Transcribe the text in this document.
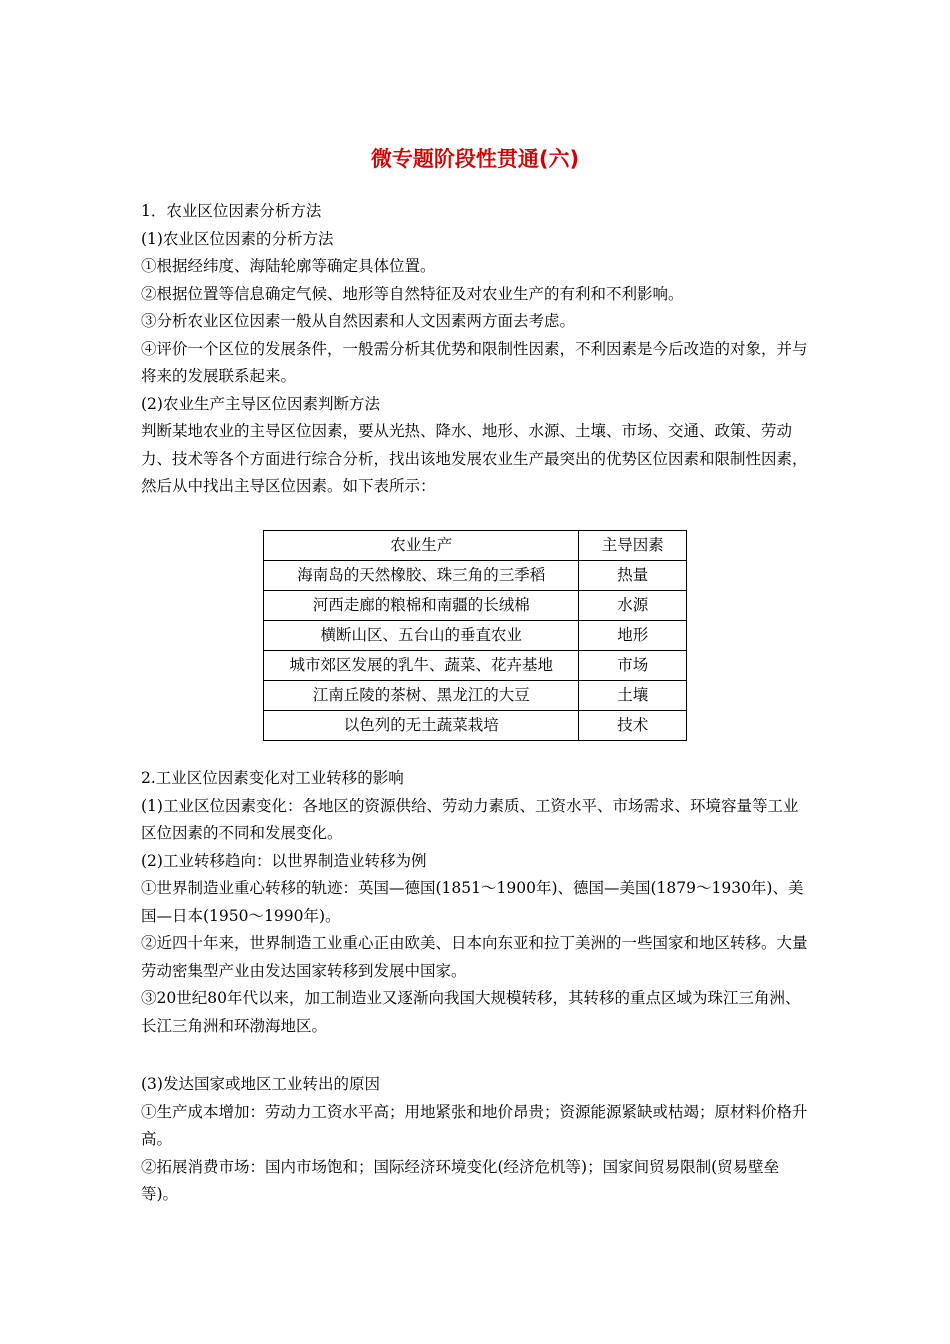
微专题阶段性贯通(六)

1．农业区位因素分析方法

(1)农业区位因素的分析方法

①根据经纬度、海陆轮廓等确定具体位置。

②根据位置等信息确定气候、地形等自然特征及对农业生产的有利和不利影响。

③分析农业区位因素一般从自然因素和人文因素两方面去考虑。

④评价一个区位的发展条件，一般需分析其优势和限制性因素，不利因素是今后改造的对象，并与将来的发展联系起来。

(2)农业生产主导区位因素判断方法

判断某地农业的主导区位因素，要从光热、降水、地形、水源、土壤、市场、交通、政策、劳动力、技术等各个方面进行综合分析，找出该地发展农业生产最突出的优势区位因素和限制性因素，然后从中找出主导区位因素。如下表所示：

农业生产	主导因素
海南岛的天然橡胶、珠三角的三季稻	热量
河西走廊的粮棉和南疆的长绒棉	水源
横断山区、五台山的垂直农业	地形
城市郊区发展的乳牛、蔬菜、花卉基地	市场
江南丘陵的茶树、黑龙江的大豆	土壤
以色列的无土蔬菜栽培	技术

2.工业区位因素变化对工业转移的影响

(1)工业区位因素变化：各地区的资源供给、劳动力素质、工资水平、市场需求、环境容量等工业区位因素的不同和发展变化。

(2)工业转移趋向：以世界制造业转移为例

①世界制造业重心转移的轨迹：英国—德国(1851～1900年)、德国—美国(1879～1930年)、美国—日本(1950～1990年)。

②近四十年来，世界制造工业重心正由欧美、日本向东亚和拉丁美洲的一些国家和地区转移。大量劳动密集型产业由发达国家转移到发展中国家。

③20世纪80年代以来，加工制造业又逐渐向我国大规模转移，其转移的重点区域为珠江三角洲、长江三角洲和环渤海地区。

(3)发达国家或地区工业转出的原因

①生产成本增加：劳动力工资水平高；用地紧张和地价昂贵；资源能源紧缺或枯竭；原材料价格升高。

②拓展消费市场：国内市场饱和；国际经济环境变化(经济危机等)；国家间贸易限制(贸易壁垒等)。
